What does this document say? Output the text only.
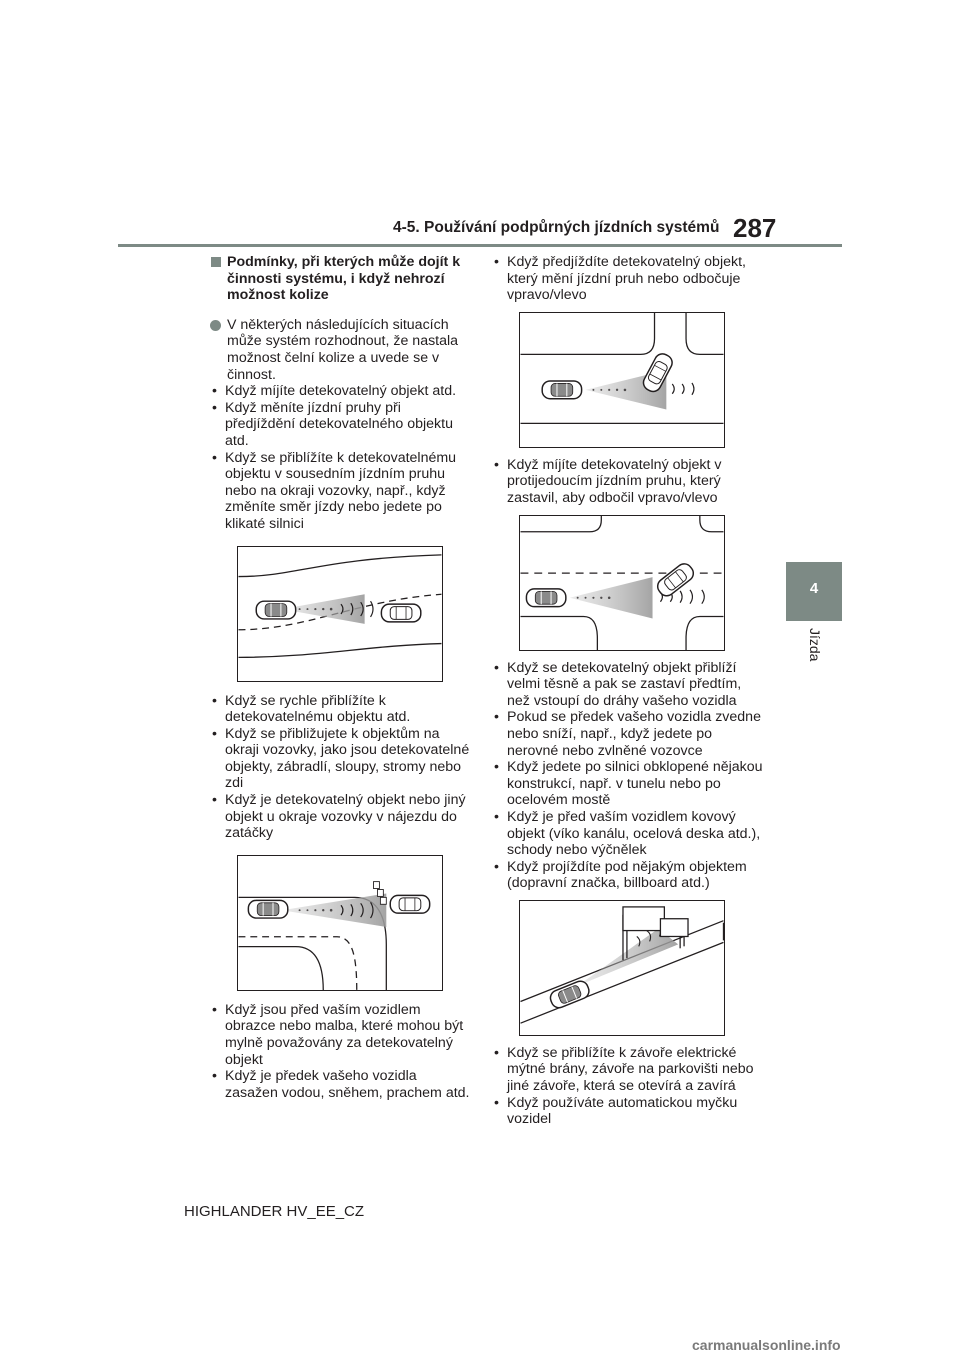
4-5. Používání podpůrných jízdních systémů 287
4
Jízda
Podmínky, při kterých může dojít k činnosti systému, i když nehrozí možnost kolize
V některých následujících situacích může systém rozhodnout, že nastala možnost čelní kolize a uvede se v činnost.
• Když míjíte detekovatelný objekt atd.
• Když měníte jízdní pruhy při předjíždění detekovatelného objektu atd.
• Když se přiblížíte k detekovatelnému objektu v sousedním jízdním pruhu nebo na okraji vozovky, např., když změníte směr jízdy nebo jedete po klikaté silnici
• Když se rychle přiblížíte k detekovatelnému objektu atd.
• Když se přibližujete k objektům na okraji vozovky, jako jsou detekovatelné objekty, zábradlí, sloupy, stromy nebo zdi
• Když je detekovatelný objekt nebo jiný objekt u okraje vozovky v nájezdu do zatáčky
• Když jsou před vaším vozidlem obrazce nebo malba, které mohou být mylně považovány za detekovatelný objekt
• Když je předek vašeho vozidla zasažen vodou, sněhem, prachem atd.
• Když předjíždíte detekovatelný objekt, který mění jízdní pruh nebo odbočuje vpravo/vlevo
• Když míjíte detekovatelný objekt v protijedoucím jízdním pruhu, který zastavil, aby odbočil vpravo/vlevo
• Když se detekovatelný objekt přiblíží velmi těsně a pak se zastaví předtím, než vstoupí do dráhy vašeho vozidla
• Pokud se předek vašeho vozidla zvedne nebo sníží, např., když jedete po nerovné nebo zvlněné vozovce
• Když jedete po silnici obklopené nějakou konstrukcí, např. v tunelu nebo po ocelovém mostě
• Když je před vaším vozidlem kovový objekt (víko kanálu, ocelová deska atd.), schody nebo výčnělek
• Když projíždíte pod nějakým objektem (dopravní značka, billboard atd.)
• Když se přiblížíte k závoře elektrické mýtné brány, závoře na parkovišti nebo jiné závoře, která se otevírá a zavírá
• Když používáte automatickou myčku vozidel
HIGHLANDER HV_EE_CZ
carmanualsonline.info
